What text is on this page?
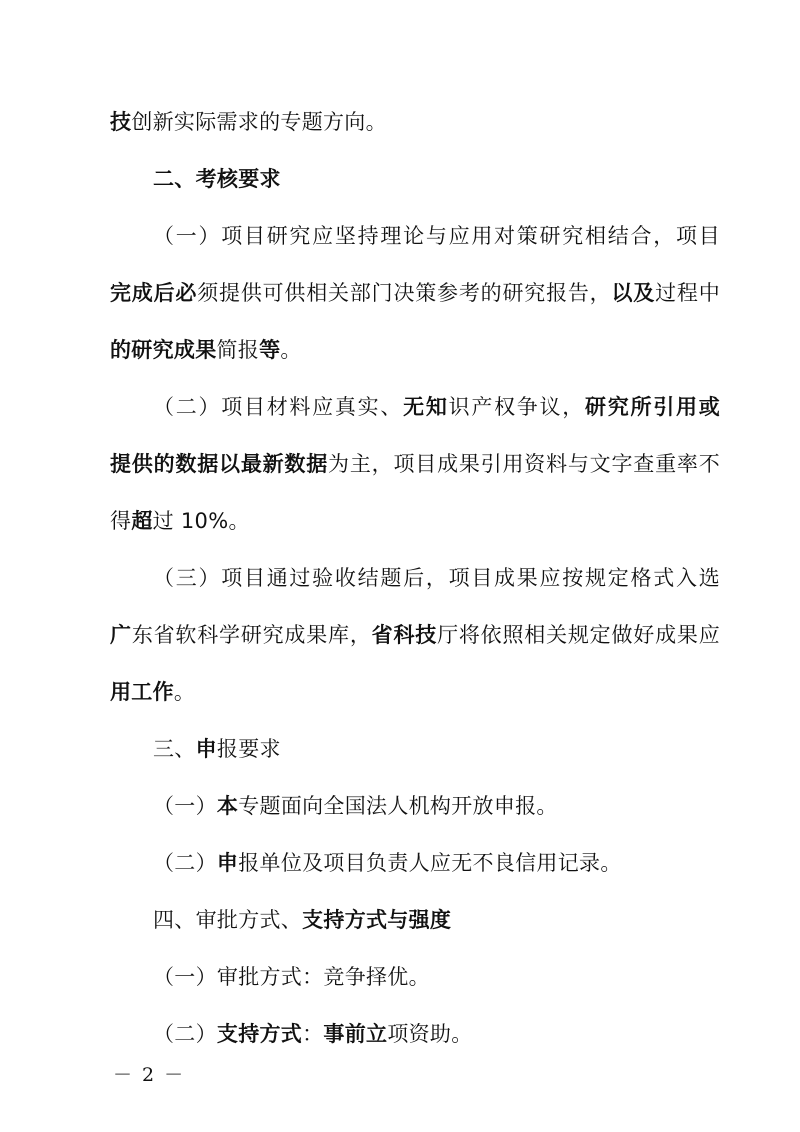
技创新实际需求的专题方向。
二、考核要求
（一）项目研究应坚持理论与应用对策研究相结合，项目
完成后必须提供可供相关部门决策参考的研究报告，以及过程中
的研究成果简报等。
（二）项目材料应真实、无知识产权争议，研究所引用或
提供的数据以最新数据为主，项目成果引用资料与文字查重率不
得超过 10%。
（三）项目通过验收结题后，项目成果应按规定格式入选
广东省软科学研究成果库，省科技厅将依照相关规定做好成果应
用工作。
三、申报要求
（一）本专题面向全国法人机构开放申报。
（二）申报单位及项目负责人应无不良信用记录。
四、审批方式、支持方式与强度
（一）审批方式：竞争择优。
（二）支持方式：事前立项资助。
－ 2 －
